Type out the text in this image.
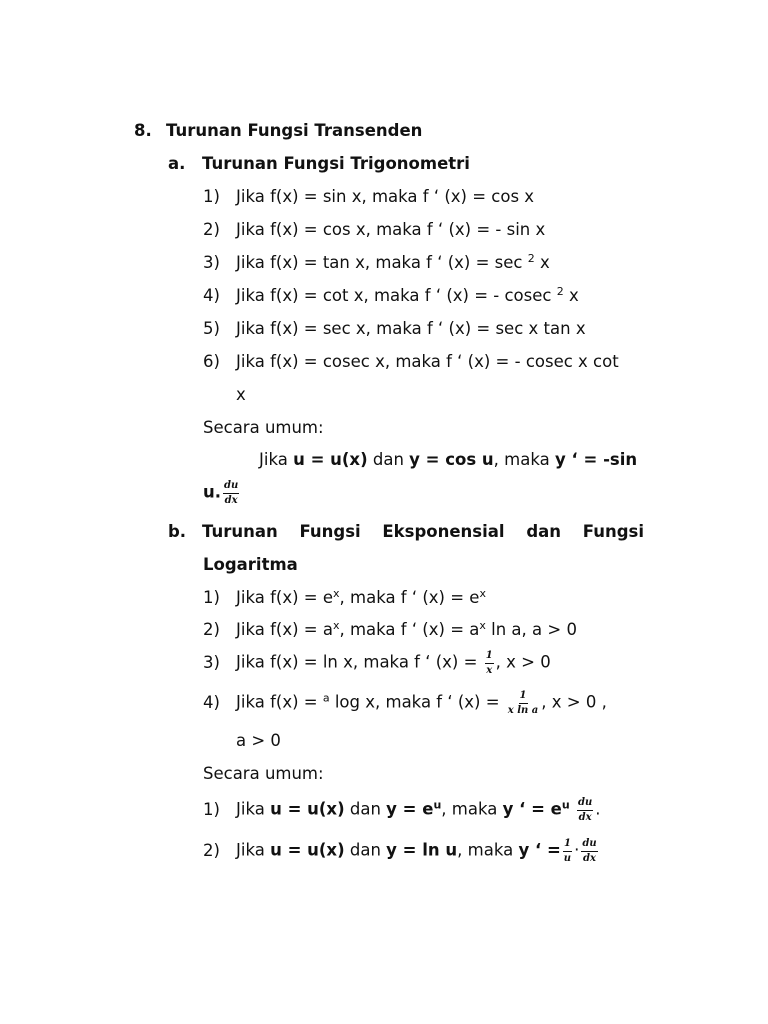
8. Turunan Fungsi Transenden
a. Turunan Fungsi Trigonometri
1) Jika f(x) = sin x, maka f ‘ (x) = cos x
2) Jika f(x) = cos x, maka f ‘ (x) = - sin x
3) Jika f(x) = tan x, maka f ‘ (x) = sec $^2$ x
4) Jika f(x) = cot x, maka f ‘ (x) = - cosec $^2$ x
5) Jika f(x) = sec x, maka f ‘ (x) = sec x tan x
6) Jika f(x) = cosec x, maka f ‘ (x) = - cosec x cot
x
Secara umum:
Jika u = u(x) dan y = cos u, maka y ‘ = -sin
u. $\frac{du}{dx}$
b. Turunan Fungsi Eksponensial dan Fungsi
Logaritma
1) Jika $f(x) = e^x$, maka f ‘ $(x) = e^x$
2) Jika $f(x) = a^x$, maka f ‘ $(x) = a^x$ ln a, a > 0
3) Jika f(x) = ln x, maka f ‘ $(x) = \frac{1}{x}$ , x > 0
4) Jika f(x) = $^a$ log x, maka f ‘ $(x) = \frac{1}{\text{x ln a}}$ , x > 0 ,
a > 0
Secara umum:
1) Jika u = u(x) dan $y = e^u$, maka y ‘ = $e^u \frac{du}{dx}$ .
2) Jika u = u(x) dan y = ln u, maka y ‘ = $\frac{1}{u} \cdot \frac{du}{dx}$
